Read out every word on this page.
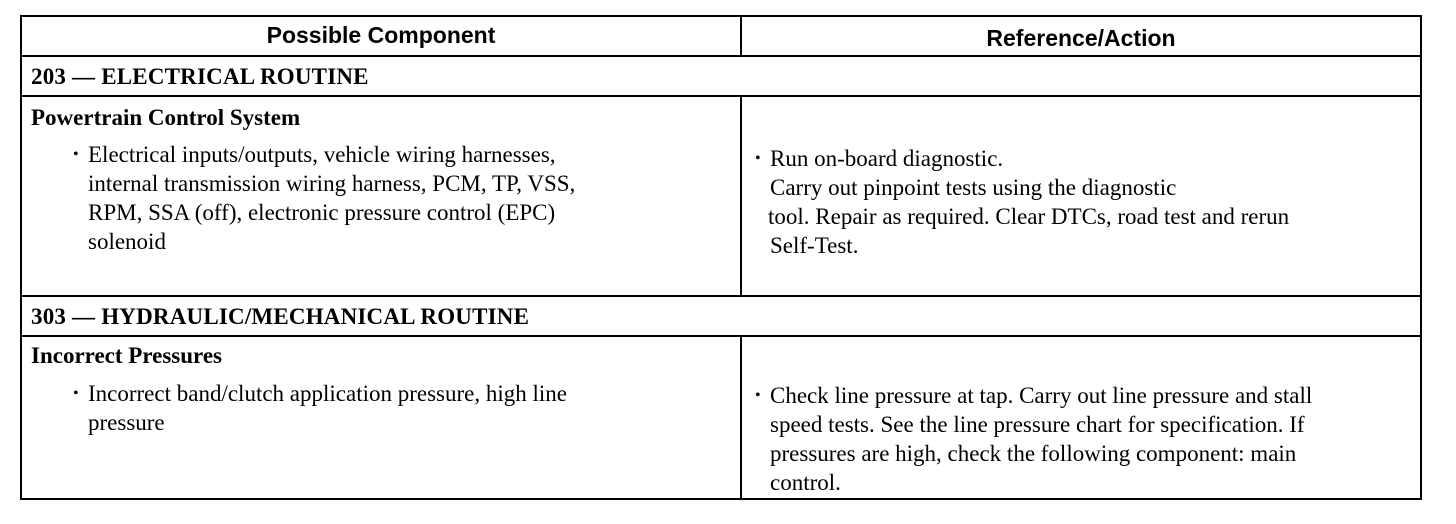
Possible Component	Reference/Action
203 — ELECTRICAL ROUTINE
Powertrain Control System
• Electrical inputs/outputs, vehicle wiring harnesses,
internal transmission wiring harness, PCM, TP, VSS,
RPM, SSA (off), electronic pressure control (EPC)
solenoid
• Run on-board diagnostic.
Carry out pinpoint tests using the diagnostic
tool. Repair as required. Clear DTCs, road test and rerun
Self-Test.
303 — HYDRAULIC/MECHANICAL ROUTINE
Incorrect Pressures
• Incorrect band/clutch application pressure, high line
pressure
• Check line pressure at tap. Carry out line pressure and stall
speed tests. See the line pressure chart for specification. If
pressures are high, check the following component: main
control.
